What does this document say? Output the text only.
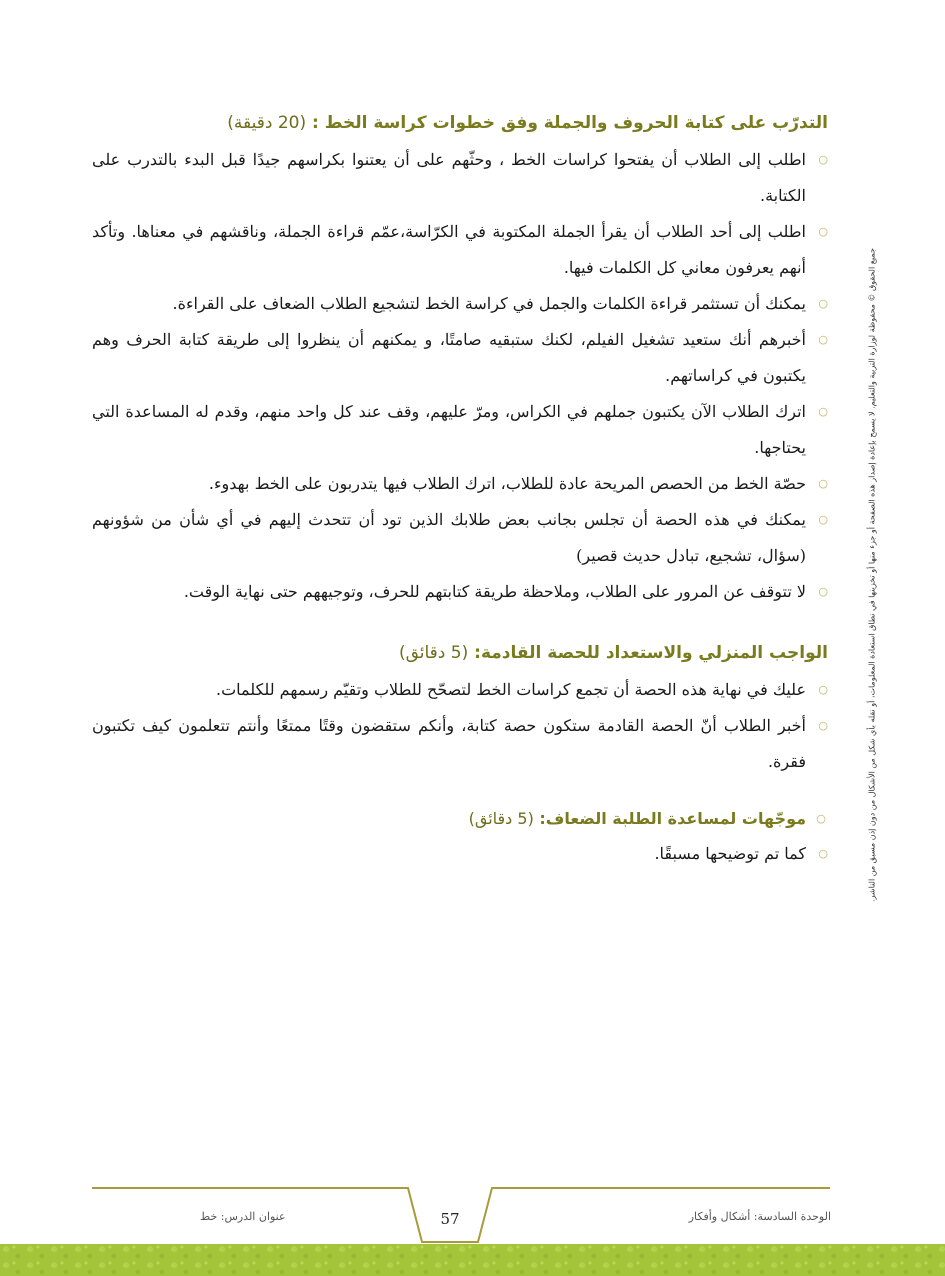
التدرّب على كتابة الحروف والجملة وفق خطوات كراسة الخط : (20 دقيقة)
○
اطلب إلى الطلاب أن يفتحوا كراسات الخط ، وحثّهم على أن يعتنوا بكراسهم جيدًا قبل البدء بالتدرب على الكتابة.
○
اطلب إلى أحد الطلاب أن يقرأ الجملة المكتوبة في الكرّاسة،عمّم قراءة الجملة، وناقشهم في معناها. وتأكد أنهم يعرفون معاني كل الكلمات فيها.
○
يمكنك أن تستثمر قراءة الكلمات والجمل في كراسة الخط لتشجيع الطلاب الضعاف على القراءة.
○
أخبرهم أنك ستعيد تشغيل الفيلم، لكنك ستبقيه صامتًا، و يمكنهم أن ينظروا إلى طريقة كتابة الحرف وهم يكتبون في كراساتهم.
○
اترك الطلاب الآن يكتبون جملهم في الكراس، ومرّ عليهم، وقف عند كل واحد منهم، وقدم له المساعدة التي يحتاجها.
○
حصّة الخط من الحصص المريحة عادة للطلاب، اترك الطلاب فيها يتدربون على الخط بهدوء.
○
يمكنك في هذه الحصة أن تجلس بجانب بعض طلابك الذين تود أن تتحدث إليهم في أي شأن من شؤونهم (سؤال، تشجيع، تبادل حديث قصير)
○
لا تتوقف عن المرور على الطلاب، وملاحظة طريقة كتابتهم للحرف، وتوجيههم حتى نهاية الوقت.
الواجب المنزلي والاستعداد للحصة القادمة: (5 دقائق)
○
عليك في نهاية هذه الحصة أن تجمع كراسات الخط لتصحّح للطلاب وتقيّم رسمهم للكلمات.
○
أخبر الطلاب أنّ الحصة القادمة ستكون حصة كتابة، وأنكم ستقضون وقتًا ممتعًا وأنتم تتعلمون كيف تكتبون فقرة.
○
موجّهات لمساعدة الطلبة الضعاف: (5 دقائق)
○
كما تم توضيحها مسبقًا.	جميع الحقوق © محفوظة لوزارة التربية والتعليم. لا يسمح بإعادة إصدار هذه الصفحة أو جزء منها أو تخزينها في نطاق استعادة المعلومات، أو نقله بأي شكل من الأشكال من دون إذن مسبق من الناشر.
57	الوحدة السادسة: أشكال وأفكار
عنوان الدرس: خط
